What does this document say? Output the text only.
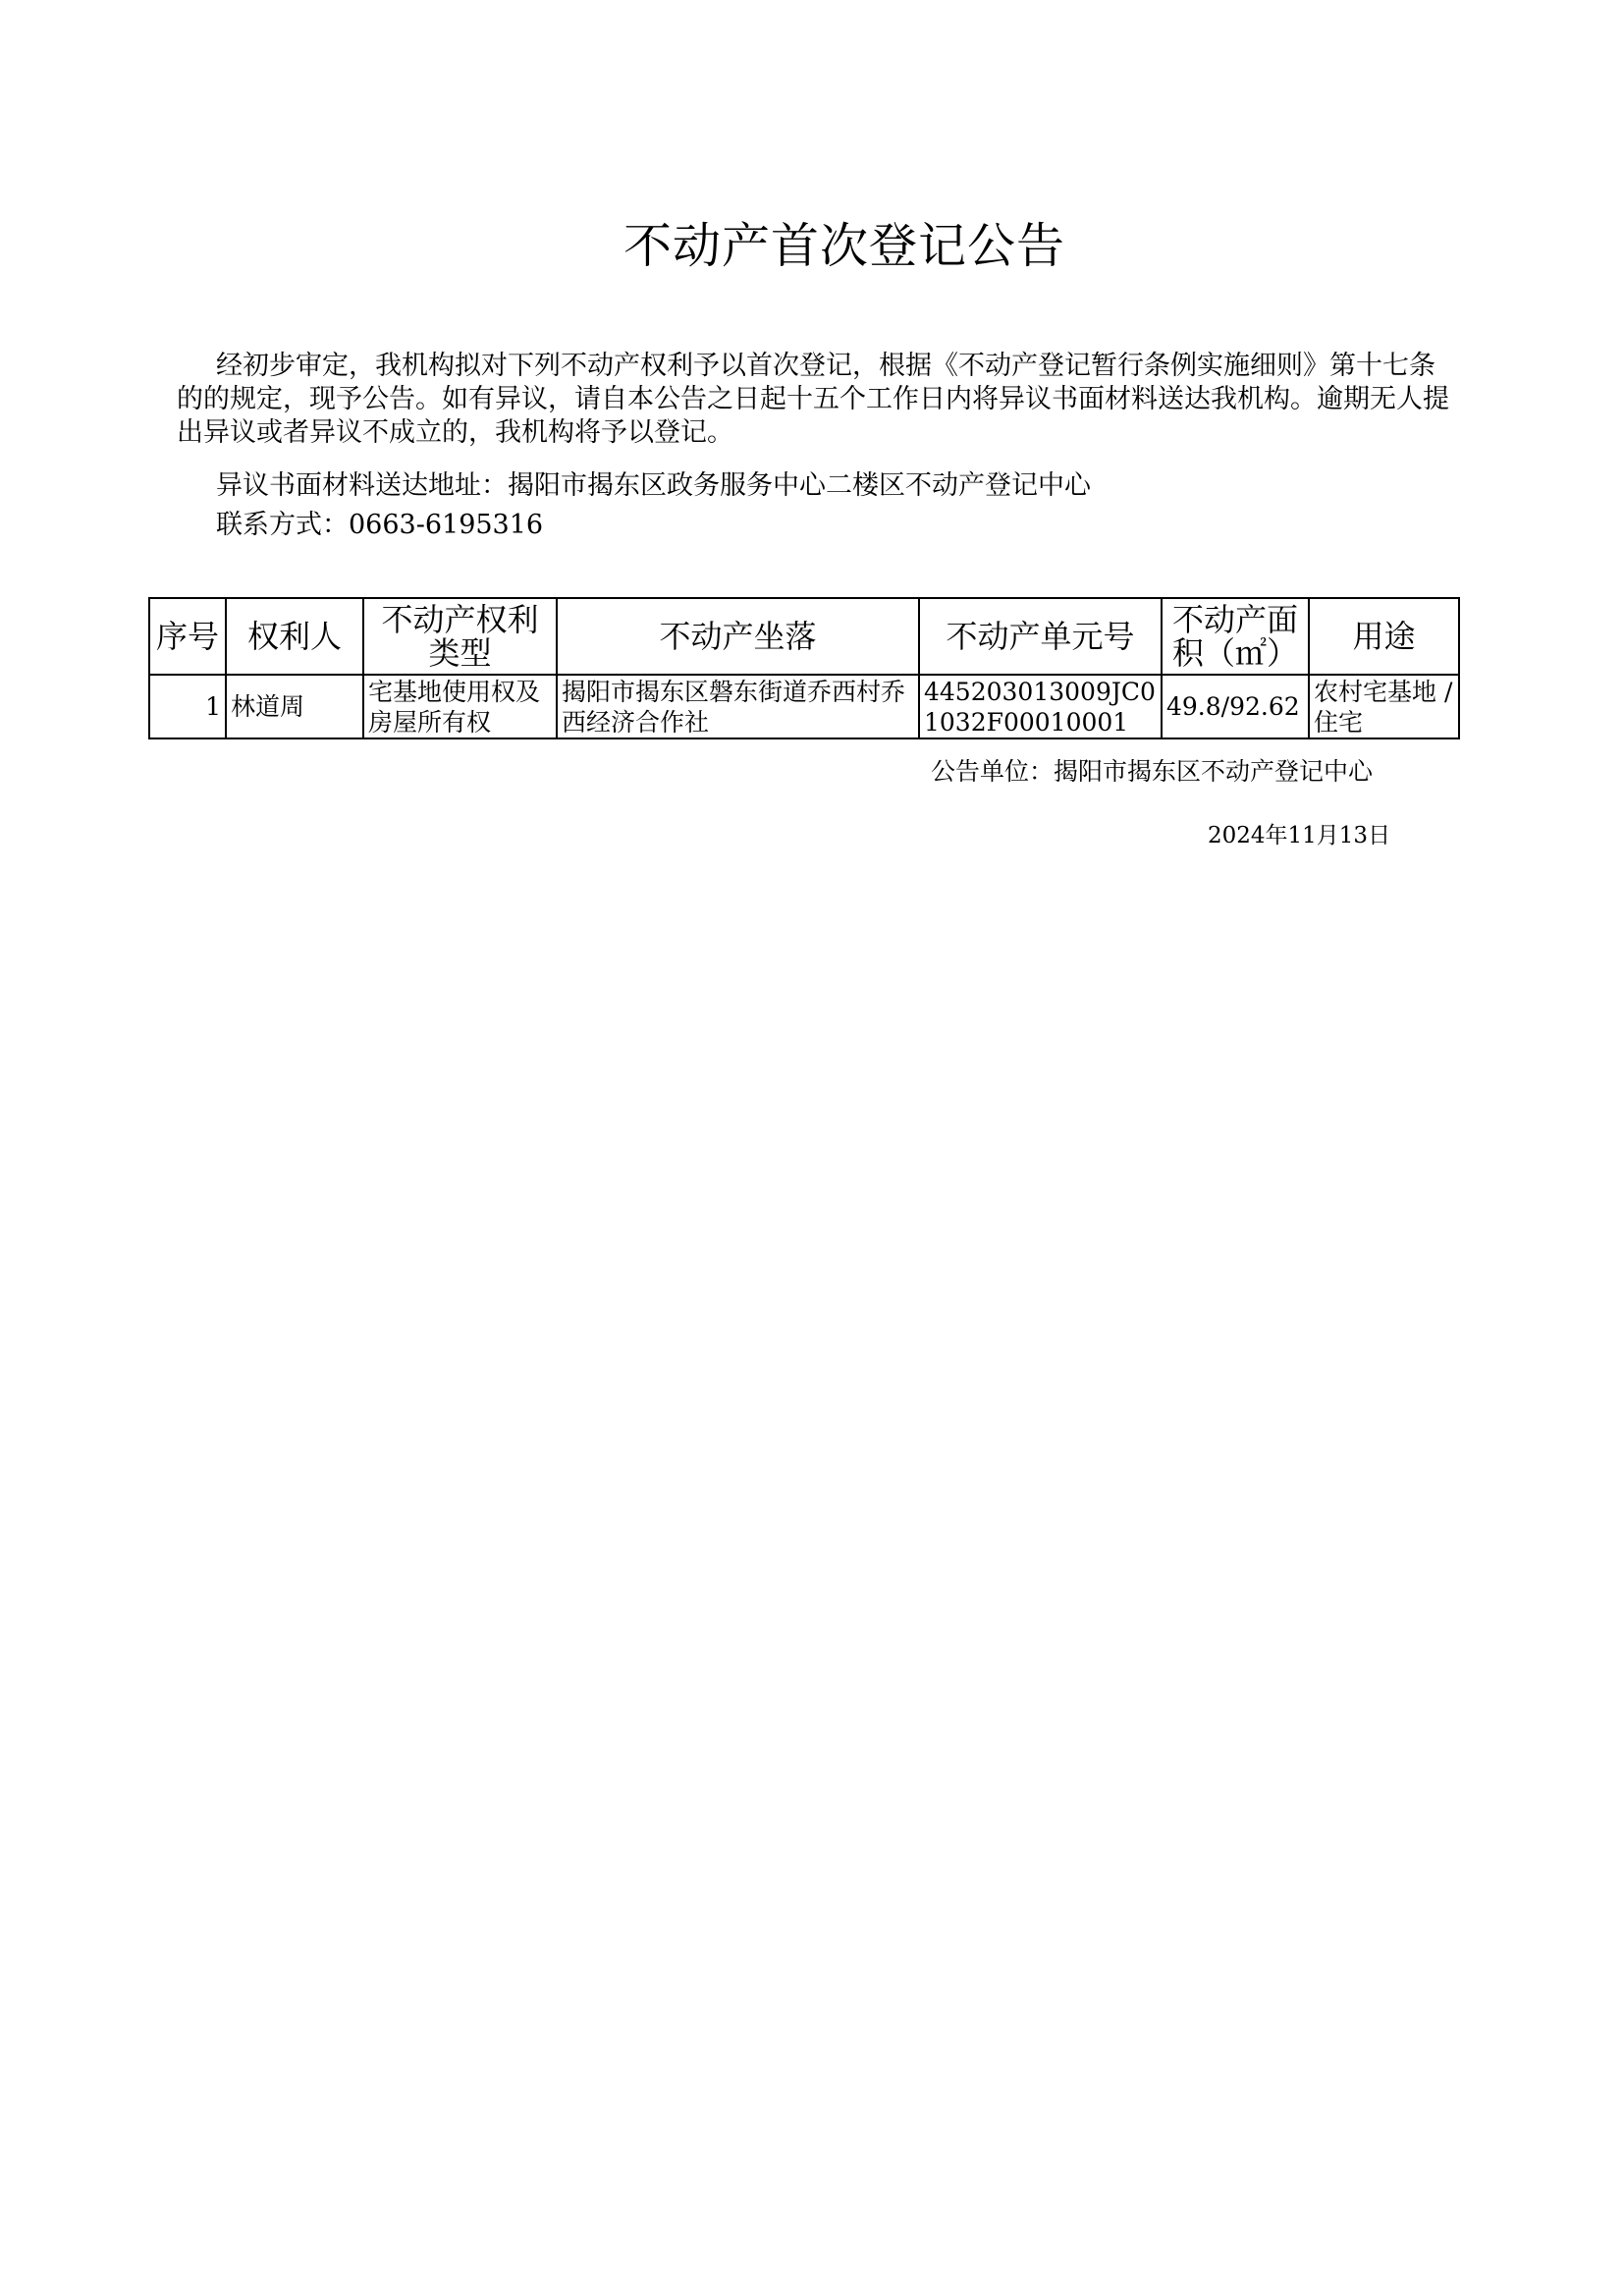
不动产首次登记公告

经初步审定，我机构拟对下列不动产权利予以首次登记，根据《不动产登记暂行条例实施细则》第十七条的的规定，现予公告。如有异议，请自本公告之日起十五个工作日内将异议书面材料送达我机构。逾期无人提出异议或者异议不成立的，我机构将予以登记。

异议书面材料送达地址：揭阳市揭东区政务服务中心二楼区不动产登记中心
联系方式：0663-6195316
序号	权利人	不动产权利类型	不动产坐落	不动产单元号	不动产面积（㎡）	用途
1	林道周	宅基地使用权及房屋所有权	揭阳市揭东区磐东街道乔西村乔西经济合作社	445203013009JC01032F00010001	49.8/92.62	农村宅基地 / 住宅
公告单位：揭阳市揭东区不动产登记中心
2024年11月13日
